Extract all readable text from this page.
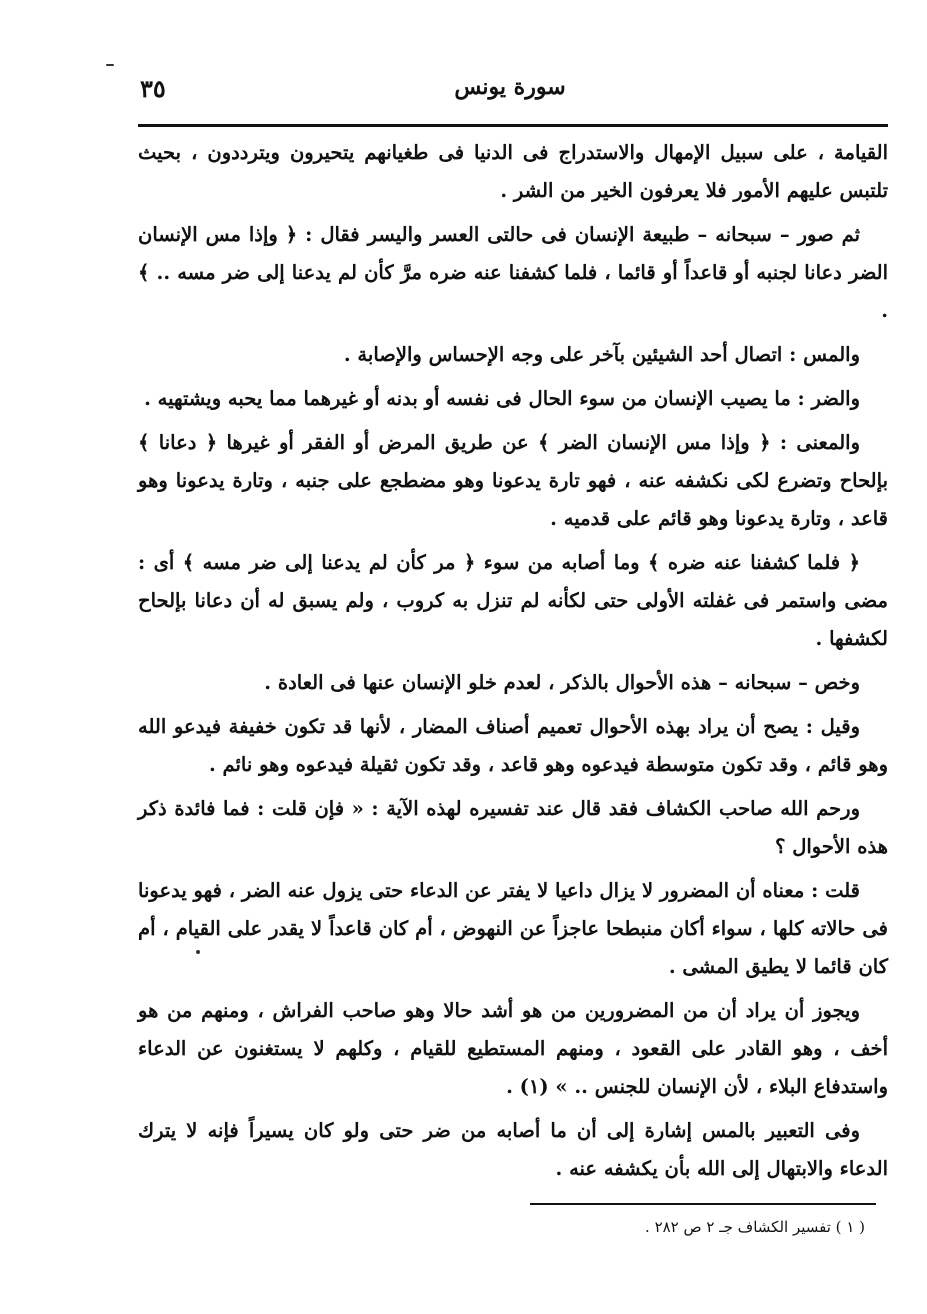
٣٥	سورة يونس

القيامة ، على سبيل الإمهال والاستدراج فى الدنيا فى طغيانهم يتحيرون ويترددون ، بحيث تلتبس عليهم الأمور فلا يعرفون الخير من الشر .

ثم صور – سبحانه – طبيعة الإنسان فى حالتى العسر واليسر فقال : ﴿ وإذا مس الإنسان الضر دعانا لجنبه أو قاعداً أو قائما ، فلما كشفنا عنه ضره مرَّ كأن لم يدعنا إلى ضر مسه .. ﴾ .

والمس : اتصال أحد الشيئين بآخر على وجه الإحساس والإصابة .

والضر : ما يصيب الإنسان من سوء الحال فى نفسه أو بدنه أو غيرهما مما يحبه ويشتهيه .

والمعنى : ﴿ وإذا مس الإنسان الضر ﴾ عن طريق المرض أو الفقر أو غيرها ﴿ دعانا ﴾ بإلحاح وتضرع لكى نكشفه عنه ، فهو تارة يدعونا وهو مضطجع على جنبه ، وتارة يدعونا وهو قاعد ، وتارة يدعونا وهو قائم على قدميه .

﴿ فلما كشفنا عنه ضره ﴾ وما أصابه من سوء ﴿ مر كأن لم يدعنا إلى ضر مسه ﴾ أى : مضى واستمر فى غفلته الأولى حتى لكأنه لم تنزل به كروب ، ولم يسبق له أن دعانا بإلحاح لكشفها .

وخص – سبحانه – هذه الأحوال بالذكر ، لعدم خلو الإنسان عنها فى العادة .

وقيل : يصح أن يراد بهذه الأحوال تعميم أصناف المضار ، لأنها قد تكون خفيفة فيدعو الله وهو قائم ، وقد تكون متوسطة فيدعوه وهو قاعد ، وقد تكون ثقيلة فيدعوه وهو نائم .

ورحم الله صاحب الكشاف فقد قال عند تفسيره لهذه الآية : « فإن قلت : فما فائدة ذكر هذه الأحوال ؟

قلت : معناه أن المضرور لا يزال داعيا لا يفتر عن الدعاء حتى يزول عنه الضر ، فهو يدعونا فى حالاته كلها ، سواء أكان منبطحا عاجزاً عن النهوض ، أم كان قاعداً لا يقدر على القيام ، أم كان قائما لا يطيق المشى .

ويجوز أن يراد أن من المضرورين من هو أشد حالا وهو صاحب الفراش ، ومنهم من هو أخف ، وهو القادر على القعود ، ومنهم المستطيع للقيام ، وكلهم لا يستغنون عن الدعاء واستدفاع البلاء ، لأن الإنسان للجنس .. » (١) .

وفى التعبير بالمس إشارة إلى أن ما أصابه من ضر حتى ولو كان يسيراً فإنه لا يترك الدعاء والابتهال إلى الله بأن يكشفه عنه .

( ١ ) تفسير الكشاف جـ ٢ ص ٢٨٢ .
